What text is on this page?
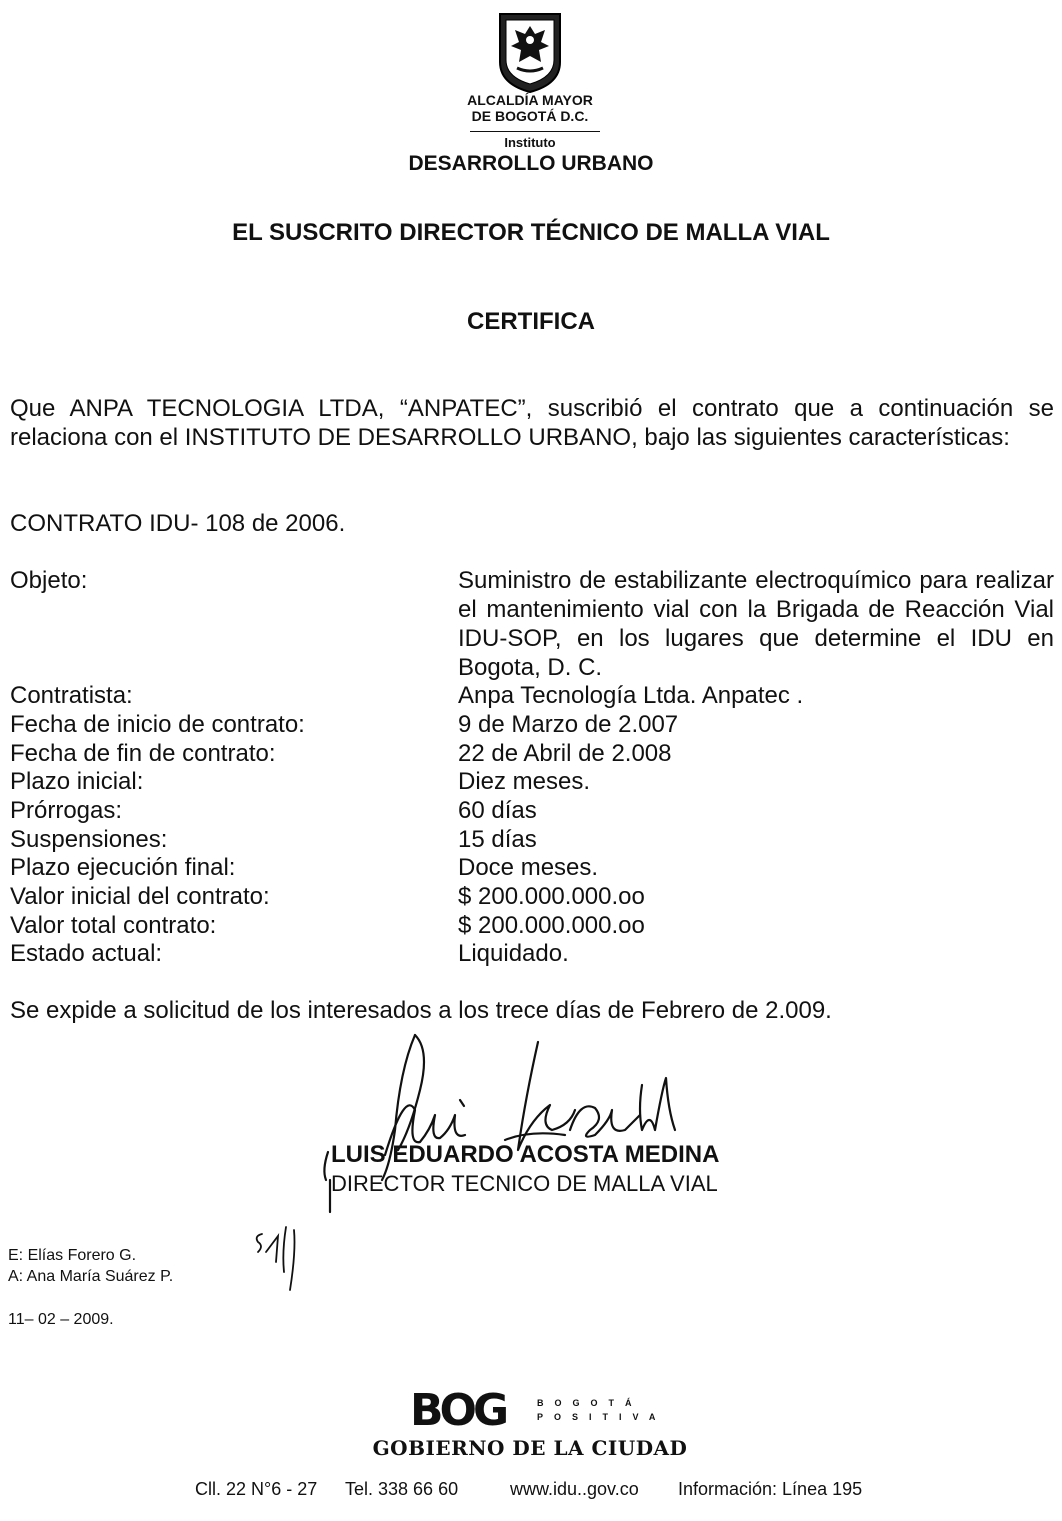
ALCALDÍA MAYOR
DE BOGOTÁ D.C.
Instituto
DESARROLLO URBANO
EL SUSCRITO DIRECTOR TÉCNICO DE MALLA VIAL
CERTIFICA
Que ANPA TECNOLOGIA LTDA, “ANPATEC”, suscribió el contrato que a continuación se relaciona con el INSTITUTO DE DESARROLLO URBANO, bajo las siguientes características:
CONTRATO IDU- 108 de 2006.
Objeto:	Suministro de estabilizante electroquímico para realizar el mantenimiento vial con la Brigada de Reacción Vial IDU-SOP, en los lugares que determine el IDU en Bogota, D. C.
Contratista:	Anpa Tecnología Ltda. Anpatec .
Fecha de inicio de contrato:	9 de Marzo de 2.007
Fecha de fin de contrato:	22 de Abril de 2.008
Plazo inicial:	Diez meses.
Prórrogas:	60 días
Suspensiones:	15 días
Plazo ejecución final:	Doce meses.
Valor inicial del contrato:	$ 200.000.000.oo
Valor total contrato:	$ 200.000.000.oo
Estado actual:	Liquidado.
Se expide a solicitud de los interesados a los trece días de Febrero de 2.009.
LUIS EDUARDO ACOSTA MEDINA
DIRECTOR TECNICO DE MALLA VIAL
E: Elías Forero G.
A: Ana María Suárez P.
11– 02 – 2009.
BOG	BOGOTÁ
POSITIVA
GOBIERNO DE LA CIUDAD
Cll. 22 N°6 - 27 Tel. 338 66 60	www.idu..gov.co Información: Línea 195
